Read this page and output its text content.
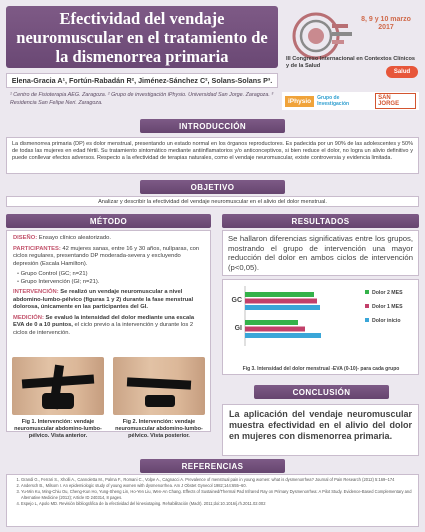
Efectividad del vendaje neuromuscular en el tratamiento de la dismenorrea primaria
Elena-Gracia A¹, Fortún-Rabadán R², Jiménez-Sánchez C², Solans-Solans P³.
¹ Centro de Fisioterapia AEG. Zaragoza. ² Grupo de investigación iPhysio. Universidad San Jorge. Zaragoza. ³ Residencia San Felipe Neri. Zaragoza.
8, 9 y 10 marzo 2017
III Congreso Internacional en Contextos Clínicos y de la Salud
Salud
iPhysio	Grupo de Investigación
SAN JORGE
INTRODUCCIÓN
La dismenorrea primaria (DP) es dolor menstrual, presentando un estado normal en los órganos reproductores. Es padecida por un 90% de las adolescentes y 50% de todas las mujeres en edad fértil. Su tratamiento sintomático mediante antiinflamatorios y/o anticonceptivos, si bien reduce el dolor, no logra un alivio definitivo y puede conllevar efectos adversos. Respecto a la efectividad de terapias naturales, como el vendaje neuromuscular, existe controversia y evidencia limitada.
OBJETIVO
Analizar y describir la efectividad del vendaje neuromuscular en el alivio del dolor menstrual.
MÉTODO

DISEÑO: Ensayo clínico aleatorizado.

PARTICIPANTES: 42 mujeres sanas, entre 16 y 30 años, nulíparas, con ciclos regulares, presentando DP moderada-severa y excluyendo depresión (Escala Hamilton).

• Grupo Control (GC; n=21)
• Grupo Intervención (GI; n=21).

INTERVENCIÓN: Se realizó un vendaje neuromuscular a nivel abdomino-lumbo-pélvico (figuras 1 y 2) durante la fase menstrual dolorosa, únicamente en las participantes del GI.

MEDICIÓN: Se evaluó la intensidad del dolor mediante una escala EVA de 0 a 10 puntos, el ciclo previo a la intervención y durante los 2 ciclos de intervención.

Fig 1. Intervención: vendaje neuromuscular abdomino-lumbo-pélvico. Vista anterior.
Fig 2. Intervención: vendaje neuromuscular abdomino-lumbo-pélvico. Vista posterior.
RESULTADOS
Se hallaron diferencias significativas entre los grupos, mostrando el grupo de intervención una mayor reducción del dolor en ambos ciclos de intervención (p<0,05).
GC
GI
Dolor 2 MES
Dolor 1 MES
Dolor inicio
Fig 3. Intensidad del dolor menstrual -EVA (0-10)- para cada grupo
CONCLUSIÓN
La aplicación del vendaje neuromuscular muestra efectividad en el alivio del dolor en mujeres con dismenorrea primaria.
REFERENCIAS
1. Grandi G., Ferrari S., Xholli A., Cannoletta M., Palma F., Romani C., Volpe A., Cagnacci A. Prevalence of menstrual pain in young women: what is dysmenorrhea? Journal of Pain Research (2012) 5:169–174
2. Andersch B., Milsom I. An epidemiologic study of young women with dysmenorrhea. Am J Obstet Gynecol 1982;144:655–60.
3. Yu-Min Ku, Ming-Chiu Ou, Cheng-Kun Ho, Yung-Sheng Lin, Ho-Yen Liu, Wen-An Chang. Effects of Sustained/Thermal Pad Infrared Ray on Primary Dysmenorrhea: A Pilot Study. Evidence-Based Complementary and Alternative Medicine (2012); Article ID 240314, 8 pages.
4. Espejo L, Apolo MD. Revisión bibliográfica de la efectividad del kinesiotaping. Rehabilitación (Madr). 2011;doi:10.1016/j.rh.2011.02.002
